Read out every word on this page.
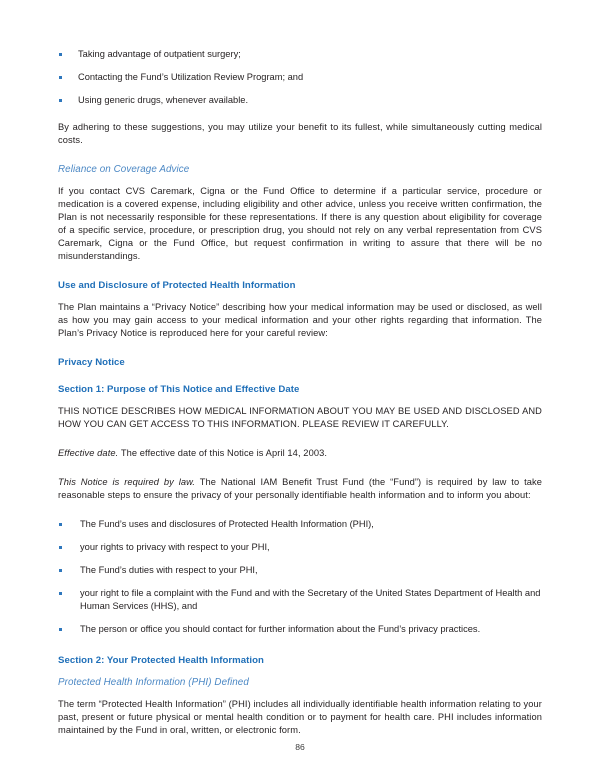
Taking advantage of outpatient surgery;
Contacting the Fund’s Utilization Review Program; and
Using generic drugs, whenever available.

By adhering to these suggestions, you may utilize your benefit to its fullest, while simultaneously cutting medical costs.

Reliance on Coverage Advice

If you contact CVS Caremark, Cigna or the Fund Office to determine if a particular service, procedure or medication is a covered expense, including eligibility and other advice, unless you receive written confirmation, the Plan is not necessarily responsible for these representations. If there is any question about eligibility for coverage of a specific service, procedure, or prescription drug, you should not rely on any verbal representation from CVS Caremark, Cigna or the Fund Office, but request confirmation in writing to assure that there will be no misunderstandings.

Use and Disclosure of Protected Health Information

The Plan maintains a “Privacy Notice” describing how your medical information may be used or disclosed, as well as how you may gain access to your medical information and your other rights regarding that information. The Plan’s Privacy Notice is reproduced here for your careful review:

Privacy Notice
Section 1: Purpose of This Notice and Effective Date

THIS NOTICE DESCRIBES HOW MEDICAL INFORMATION ABOUT YOU MAY BE USED AND DISCLOSED AND HOW YOU CAN GET ACCESS TO THIS INFORMATION. PLEASE REVIEW IT CAREFULLY.

Effective date. The effective date of this Notice is April 14, 2003.

This Notice is required by law. The National IAM Benefit Trust Fund (the “Fund”) is required by law to take reasonable steps to ensure the privacy of your personally identifiable health information and to inform you about:

The Fund’s uses and disclosures of Protected Health Information (PHI),
your rights to privacy with respect to your PHI,
The Fund’s duties with respect to your PHI,
your right to file a complaint with the Fund and with the Secretary of the United States Department of Health and Human Services (HHS), and
The person or office you should contact for further information about the Fund’s privacy practices.
Section 2: Your Protected Health Information
Protected Health Information (PHI) Defined

The term “Protected Health Information” (PHI) includes all individually identifiable health information relating to your past, present or future physical or mental health condition or to payment for health care. PHI includes information maintained by the Fund in oral, written, or electronic form.

86
